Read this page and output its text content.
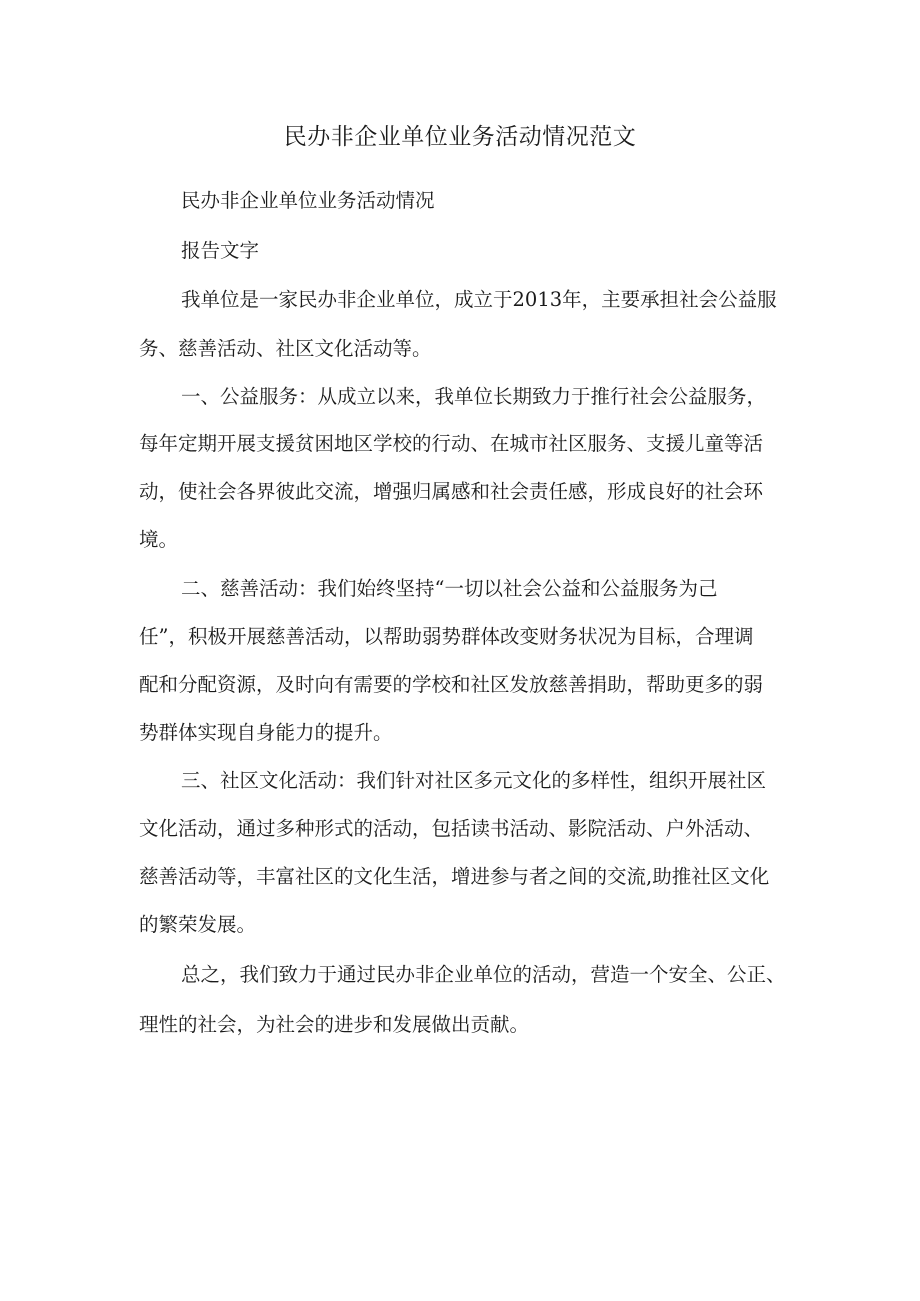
民办非企业单位业务活动情况范文

民办非企业单位业务活动情况

报告文字

我单位是一家民办非企业单位，成立于2013年，主要承担社会公益服

务、慈善活动、社区文化活动等。

一、公益服务：从成立以来，我单位长期致力于推行社会公益服务，

每年定期开展支援贫困地区学校的行动、在城市社区服务、支援儿童等活

动，使社会各界彼此交流，增强归属感和社会责任感，形成良好的社会环

境。

二、慈善活动：我们始终坚持“一切以社会公益和公益服务为己

任”，积极开展慈善活动，以帮助弱势群体改变财务状况为目标，合理调

配和分配资源，及时向有需要的学校和社区发放慈善捐助，帮助更多的弱

势群体实现自身能力的提升。

三、社区文化活动：我们针对社区多元文化的多样性，组织开展社区

文化活动，通过多种形式的活动，包括读书活动、影院活动、户外活动、

慈善活动等，丰富社区的文化生活，增进参与者之间的交流,助推社区文化

的繁荣发展。

总之，我们致力于通过民办非企业单位的活动，营造一个安全、公正、

理性的社会，为社会的进步和发展做出贡献。
